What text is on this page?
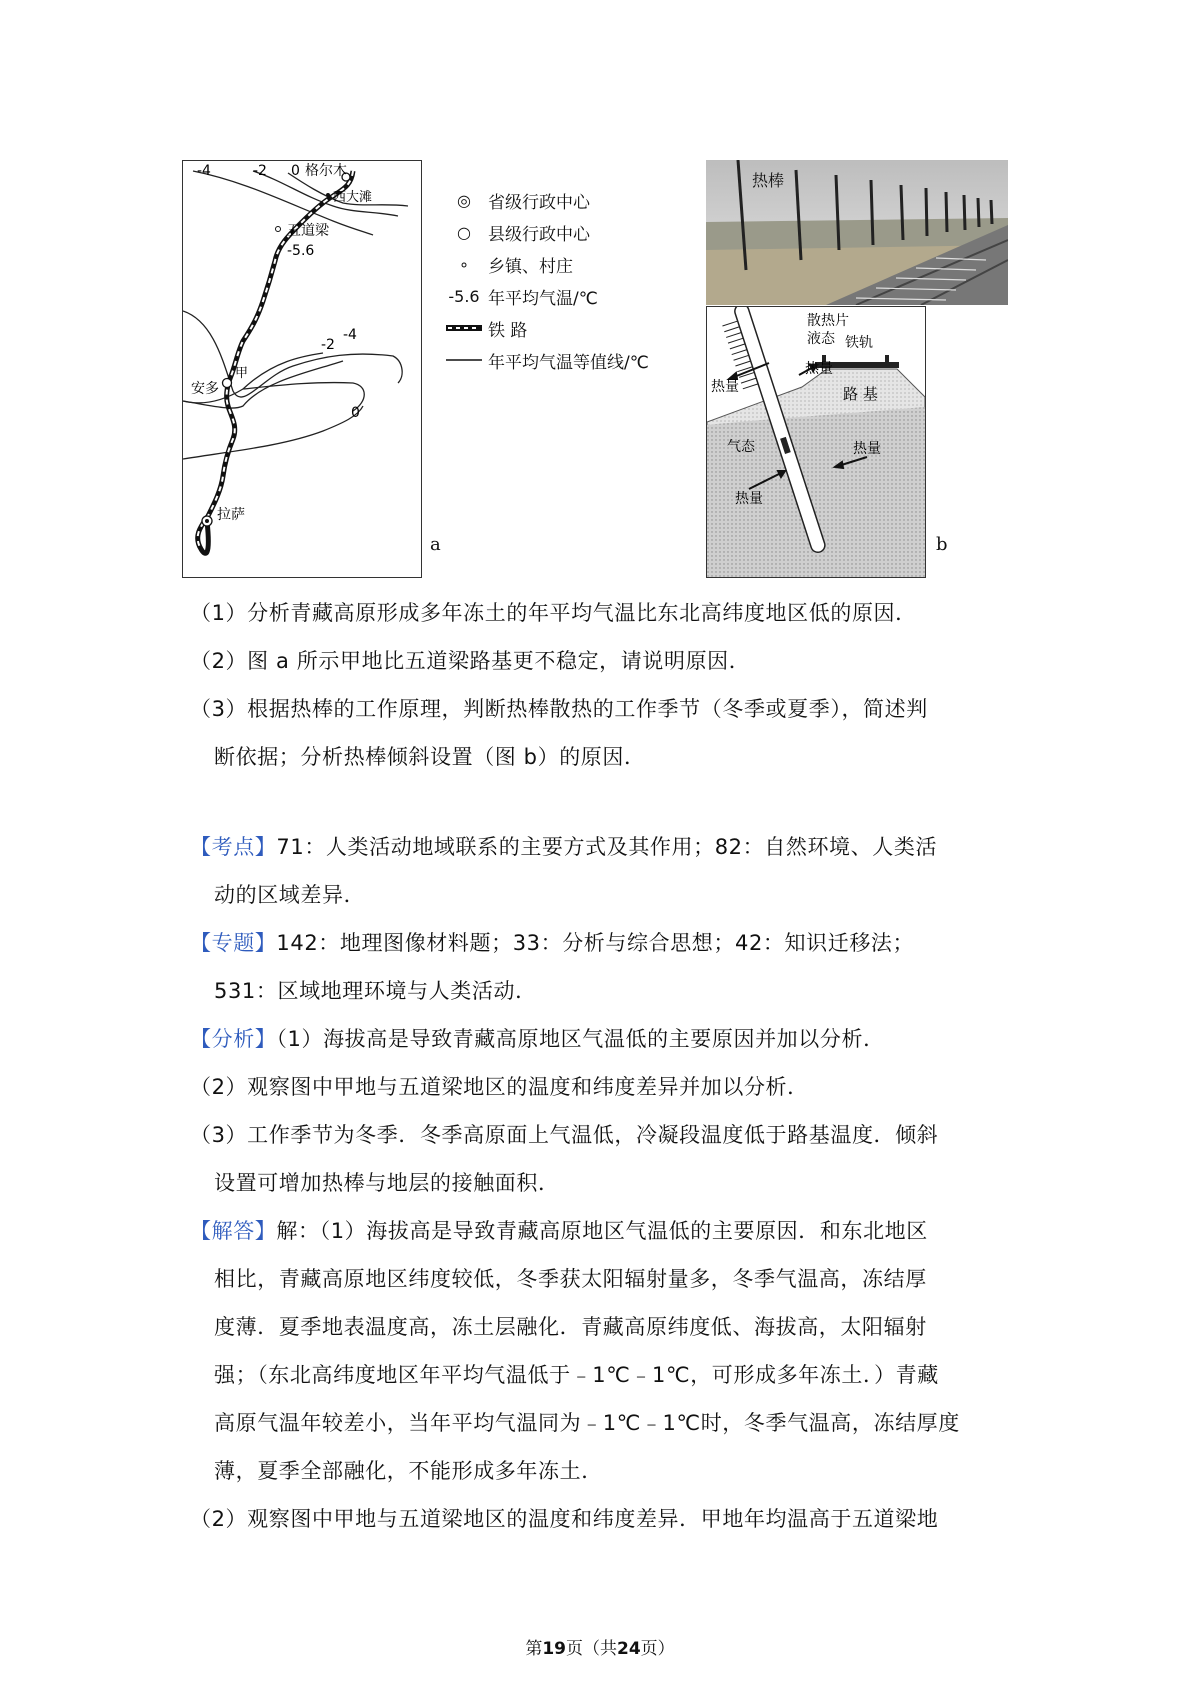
-4	-2 0 格尔木
西大滩
五道梁
-5.6
-4
-2
甲
安多
0
拉萨
a
◎	省级行政中心
○	县级行政中心
∘	乡镇、村庄
-5.6 年平均气温/℃
铁 路
年平均气温等值线/℃
热棒
散热片
液态
热量
铁轨
热量	路 基
气态	热量
热量
b
（1）分析青藏高原形成多年冻土的年平均气温比东北高纬度地区低的原因．
（2）图 a 所示甲地比五道梁路基更不稳定，请说明原因．
（3）根据热棒的工作原理，判断热棒散热的工作季节（冬季或夏季），简述判
断依据；分析热棒倾斜设置（图 b）的原因．
【考点】71：人类活动地域联系的主要方式及其作用；82：自然环境、人类活
动的区域差异．
【专题】142：地理图像材料题；33：分析与综合思想；42：知识迁移法；
531：区域地理环境与人类活动．
【分析】（1）海拔高是导致青藏高原地区气温低的主要原因并加以分析．
（2）观察图中甲地与五道梁地区的温度和纬度差异并加以分析．
（3）工作季节为冬季．冬季高原面上气温低，冷凝段温度低于路基温度．倾斜
设置可增加热棒与地层的接触面积．
【解答】解：（1）海拔高是导致青藏高原地区气温低的主要原因．和东北地区
相比，青藏高原地区纬度较低，冬季获太阳辐射量多，冬季气温高，冻结厚
度薄．夏季地表温度高，冻土层融化．青藏高原纬度低、海拔高，太阳辐射
强；（东北高纬度地区年平均气温低于﹣1℃﹣1℃，可形成多年冻土．）青藏
高原气温年较差小，当年平均气温同为﹣1℃﹣1℃时，冬季气温高，冻结厚度
薄，夏季全部融化，不能形成多年冻土．
（2）观察图中甲地与五道梁地区的温度和纬度差异．甲地年均温高于五道梁地
第19页（共24页）
